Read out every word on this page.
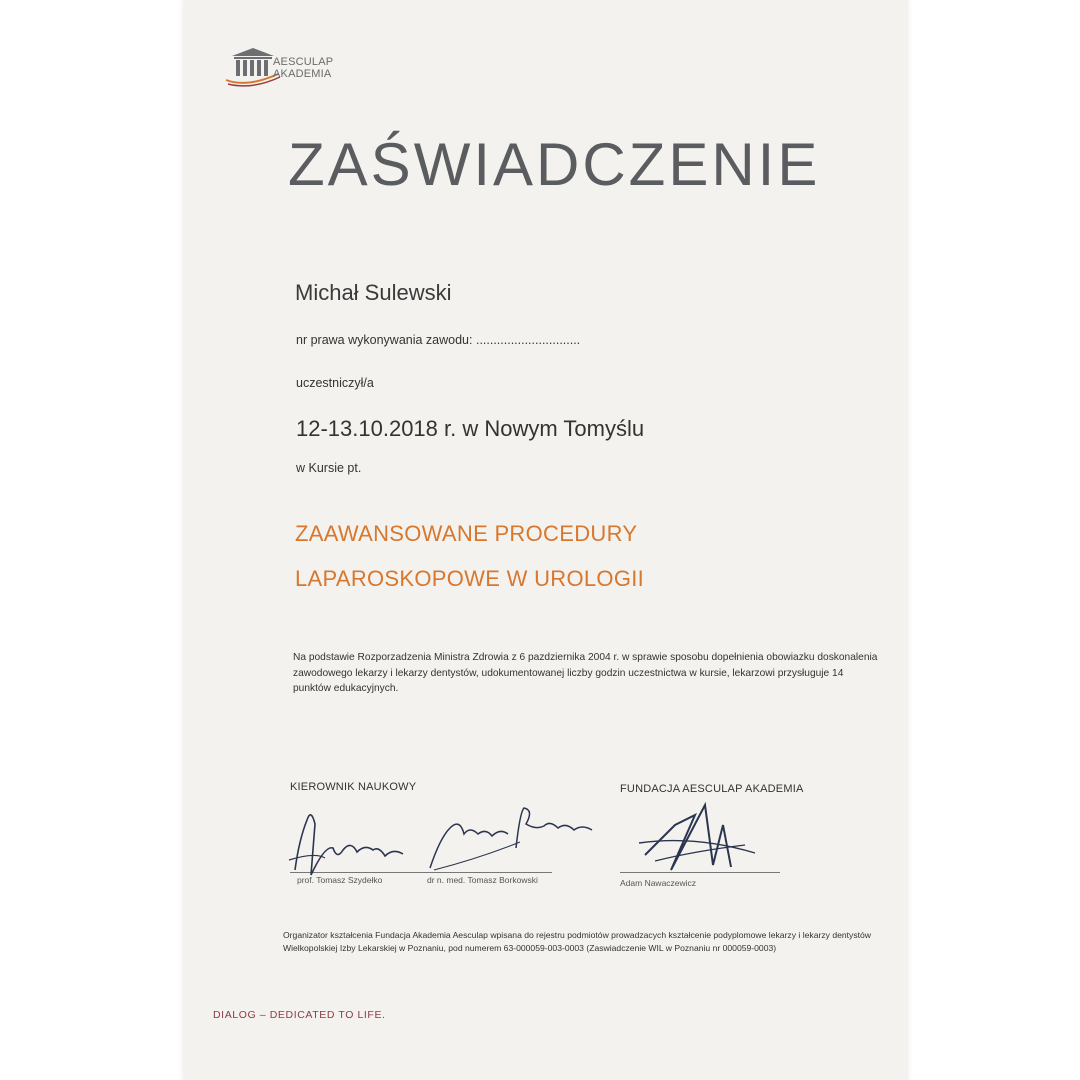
AESCULAP
AKADEMIA
ZAŚWIADCZENIE
Michał Sulewski
nr prawa wykonywania zawodu: ..............................
uczestniczył/a
12-13.10.2018 r. w Nowym Tomyślu
w Kursie pt.
ZAAWANSOWANE PROCEDURY
LAPAROSKOPOWE W UROLOGII
Na podstawie Rozporzadzenia Ministra Zdrowia z 6 pazdziernika 2004 r. w sprawie sposobu dopełnienia obowiazku doskonalenia zawodowego lekarzy i lekarzy dentystów, udokumentowanej liczby godzin uczestnictwa w kursie, lekarzowi przysługuje 14 punktów edukacyjnych.
KIEROWNIK NAUKOWY	FUNDACJA AESCULAP AKADEMIA
prof. Tomasz Szydełko	dr n. med. Tomasz Borkowski	Adam Nawaczewicz
Organizator kształcenia Fundacja Akademia Aesculap wpisana do rejestru podmiotów prowadzacych kształcenie podyplomowe lekarzy i lekarzy dentystów Wielkopolskiej Izby Lekarskiej w Poznaniu, pod numerem 63-000059-003-0003 (Zaswiadczenie WIL w Poznaniu nr 000059-0003)
DIALOG – DEDICATED TO LIFE.
